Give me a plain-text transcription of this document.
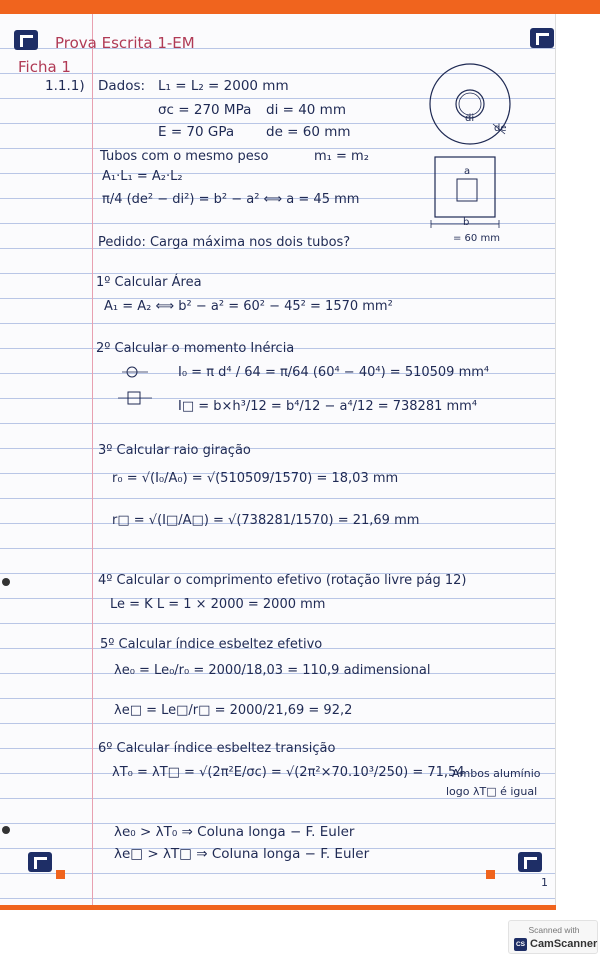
Prova Escrita 1-EM
Ficha 1
1.1.1) Dados: L₁ = L₂ = 2000 mm
σc = 270 MPa di = 40 mm
E = 70 GPa de = 60 mm
Tubos com o mesmo peso	m₁ = m₂
A₁·L₁ = A₂·L₂
π/4 (de² − di²) = b² − a² ⟺ a = 45 mm
Pedido: Carga máxima nos dois tubos?
di
de
a
b
= 60 mm
1º Calcular Área
A₁ = A₂ ⟺ b² − a² = 60² − 45² = 1570 mm²
2º Calcular o momento Inércia
I₀ = π d⁴ / 64 = π/64 (60⁴ − 40⁴) = 510509 mm⁴
I□ = b×h³/12 = b⁴/12 − a⁴/12 = 738281 mm⁴
3º Calcular raio giração
r₀ = √(I₀/A₀) = √(510509/1570) = 18,03 mm
r□ = √(I□/A□) = √(738281/1570) = 21,69 mm
4º Calcular o comprimento efetivo (rotação livre pág 12)
Le = K L = 1 × 2000 = 2000 mm
5º Calcular índice esbeltez efetivo
λe₀ = Le₀/r₀ = 2000/18,03 = 110,9 adimensional
λe□ = Le□/r□ = 2000/21,69 = 92,2
6º Calcular índice esbeltez transição
λT₀ = λT□ = √(2π²E/σc) = √(2π²×70.10³/250) = 71,54
Ambos alumínio
logo λT□ é igual
λe₀ > λT₀ ⇒ Coluna longa − F. Euler
λe□ > λT□ ⇒ Coluna longa − F. Euler
1
Scanned with
CS CamScanner
